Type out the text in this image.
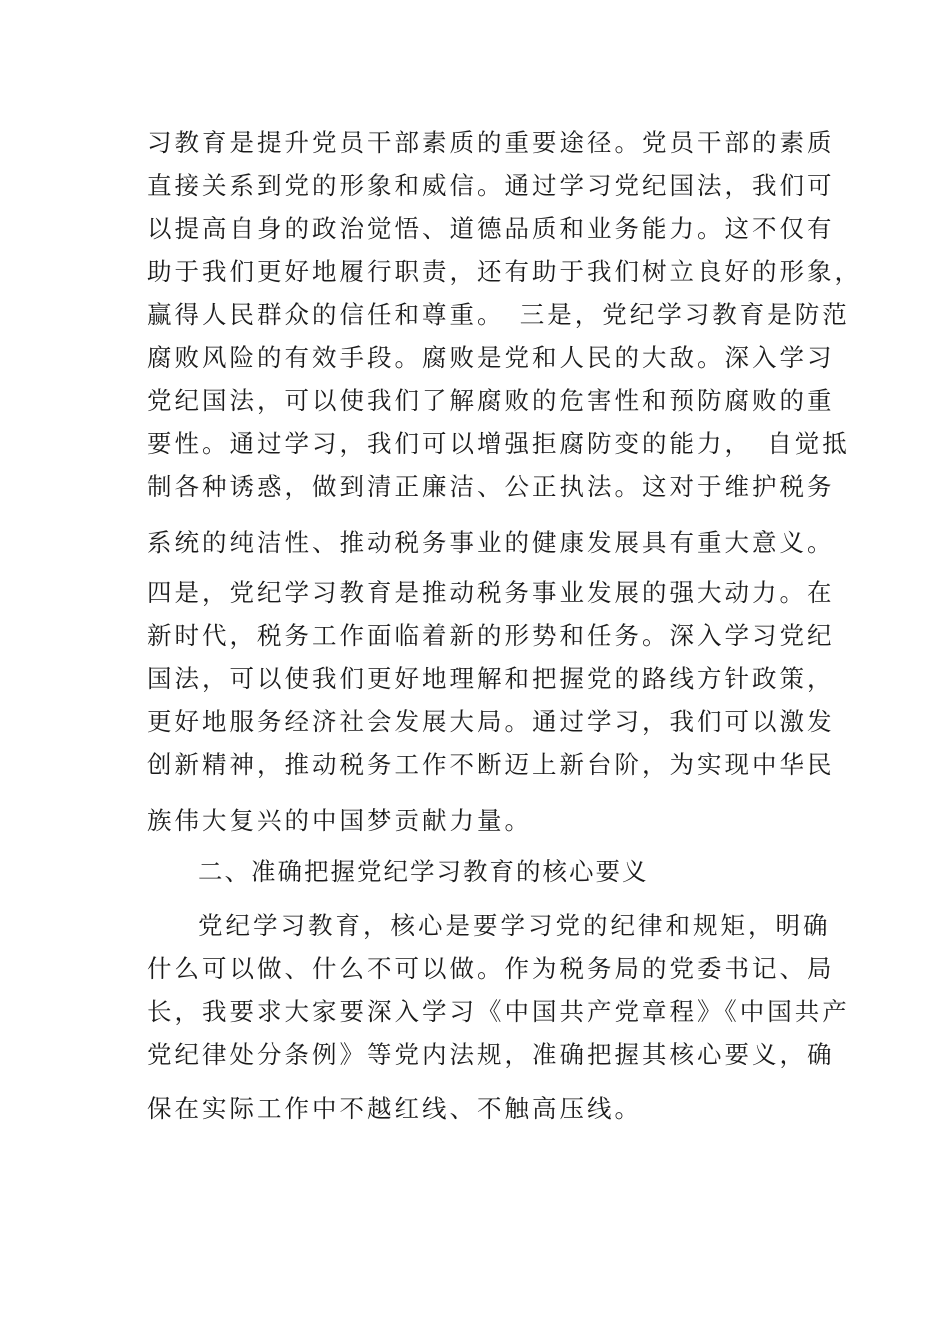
习教育是提升党员干部素质的重要途径。党员干部的素质

直接关系到党的形象和威信。通过学习党纪国法，我们可

以提高自身的政治觉悟、道德品质和业务能力。这不仅有

助于我们更好地履行职责，还有助于我们树立良好的形象，

赢得人民群众的信任和尊重。　三是，党纪学习教育是防范

腐败风险的有效手段。腐败是党和人民的大敌。深入学习

党纪国法，可以使我们了解腐败的危害性和预防腐败的重

要性。通过学习，我们可以增强拒腐防变的能力，　自觉抵

制各种诱惑，做到清正廉洁、公正执法。这对于维护税务

系统的纯洁性、推动税务事业的健康发展具有重大意义。

四是，党纪学习教育是推动税务事业发展的强大动力。在

新时代，税务工作面临着新的形势和任务。深入学习党纪

国法，可以使我们更好地理解和把握党的路线方针政策，

更好地服务经济社会发展大局。通过学习，我们可以激发

创新精神，推动税务工作不断迈上新台阶，为实现中华民

族伟大复兴的中国梦贡献力量。

二、准确把握党纪学习教育的核心要义

党纪学习教育，核心是要学习党的纪律和规矩，明确

什么可以做、什么不可以做。作为税务局的党委书记、局

长，我要求大家要深入学习《中国共产党章程》《中国共产

党纪律处分条例》等党内法规，准确把握其核心要义，确

保在实际工作中不越红线、不触高压线。
